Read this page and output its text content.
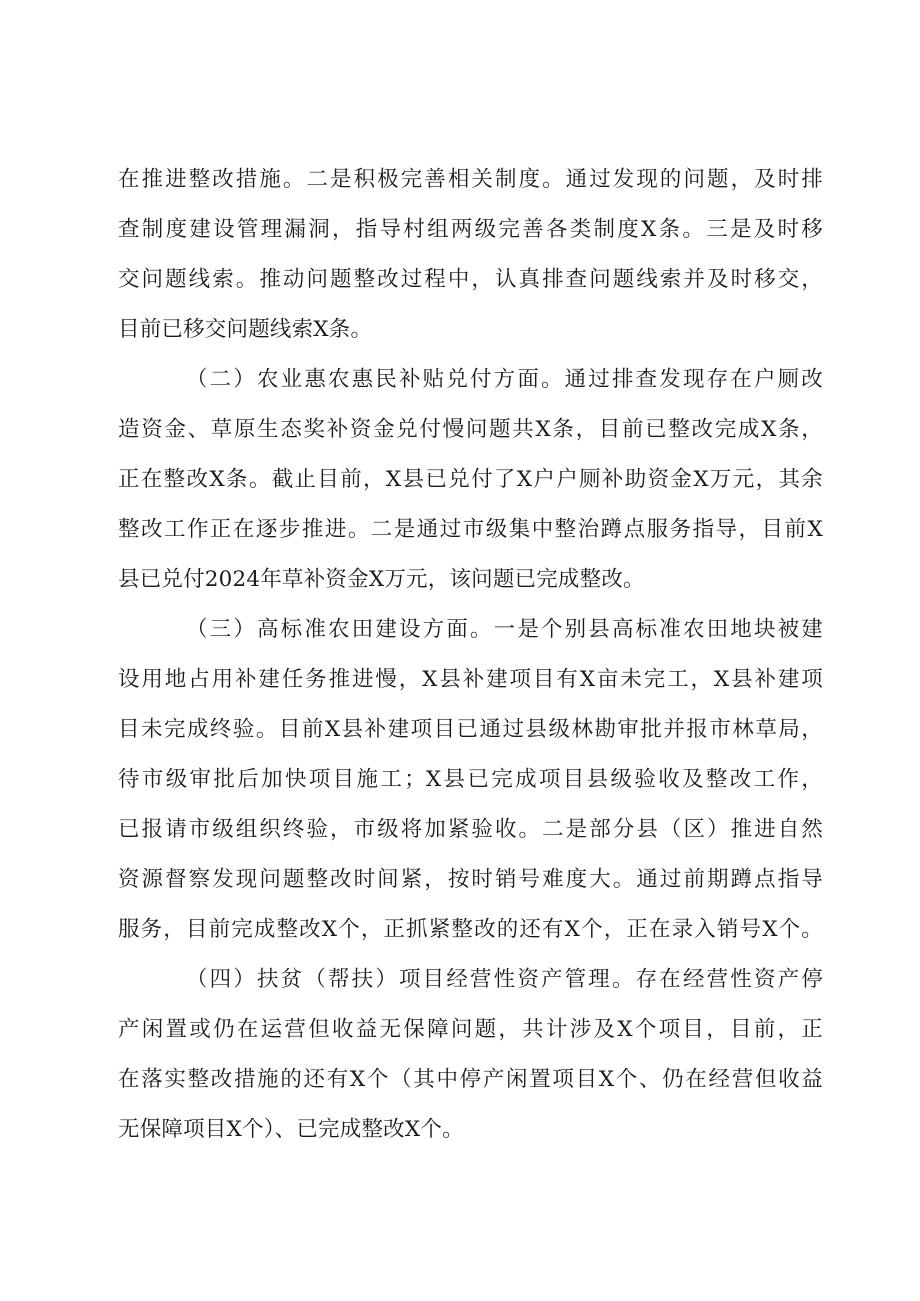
在推进整改措施。二是积极完善相关制度。通过发现的问题，及时排
查制度建设管理漏洞，指导村组两级完善各类制度X条。三是及时移
交问题线索。推动问题整改过程中，认真排查问题线索并及时移交，
目前已移交问题线索X条。
（二）农业惠农惠民补贴兑付方面。通过排查发现存在户厕改
造资金、草原生态奖补资金兑付慢问题共X条，目前已整改完成X条，
正在整改X条。截止目前，X县已兑付了X户户厕补助资金X万元，其余
整改工作正在逐步推进。二是通过市级集中整治蹲点服务指导，目前X
县已兑付2024年草补资金X万元，该问题已完成整改。
（三）高标准农田建设方面。一是个别县高标准农田地块被建
设用地占用补建任务推进慢，X县补建项目有X亩未完工，X县补建项
目未完成终验。目前X县补建项目已通过县级林勘审批并报市林草局，
待市级审批后加快项目施工；X县已完成项目县级验收及整改工作，
已报请市级组织终验，市级将加紧验收。二是部分县（区）推进自然
资源督察发现问题整改时间紧，按时销号难度大。通过前期蹲点指导
服务，目前完成整改X个，正抓紧整改的还有X个，正在录入销号X个。
（四）扶贫（帮扶）项目经营性资产管理。存在经营性资产停
产闲置或仍在运营但收益无保障问题，共计涉及X个项目，目前，正
在落实整改措施的还有X个（其中停产闲置项目X个、仍在经营但收益
无保障项目X个）、已完成整改X个。
